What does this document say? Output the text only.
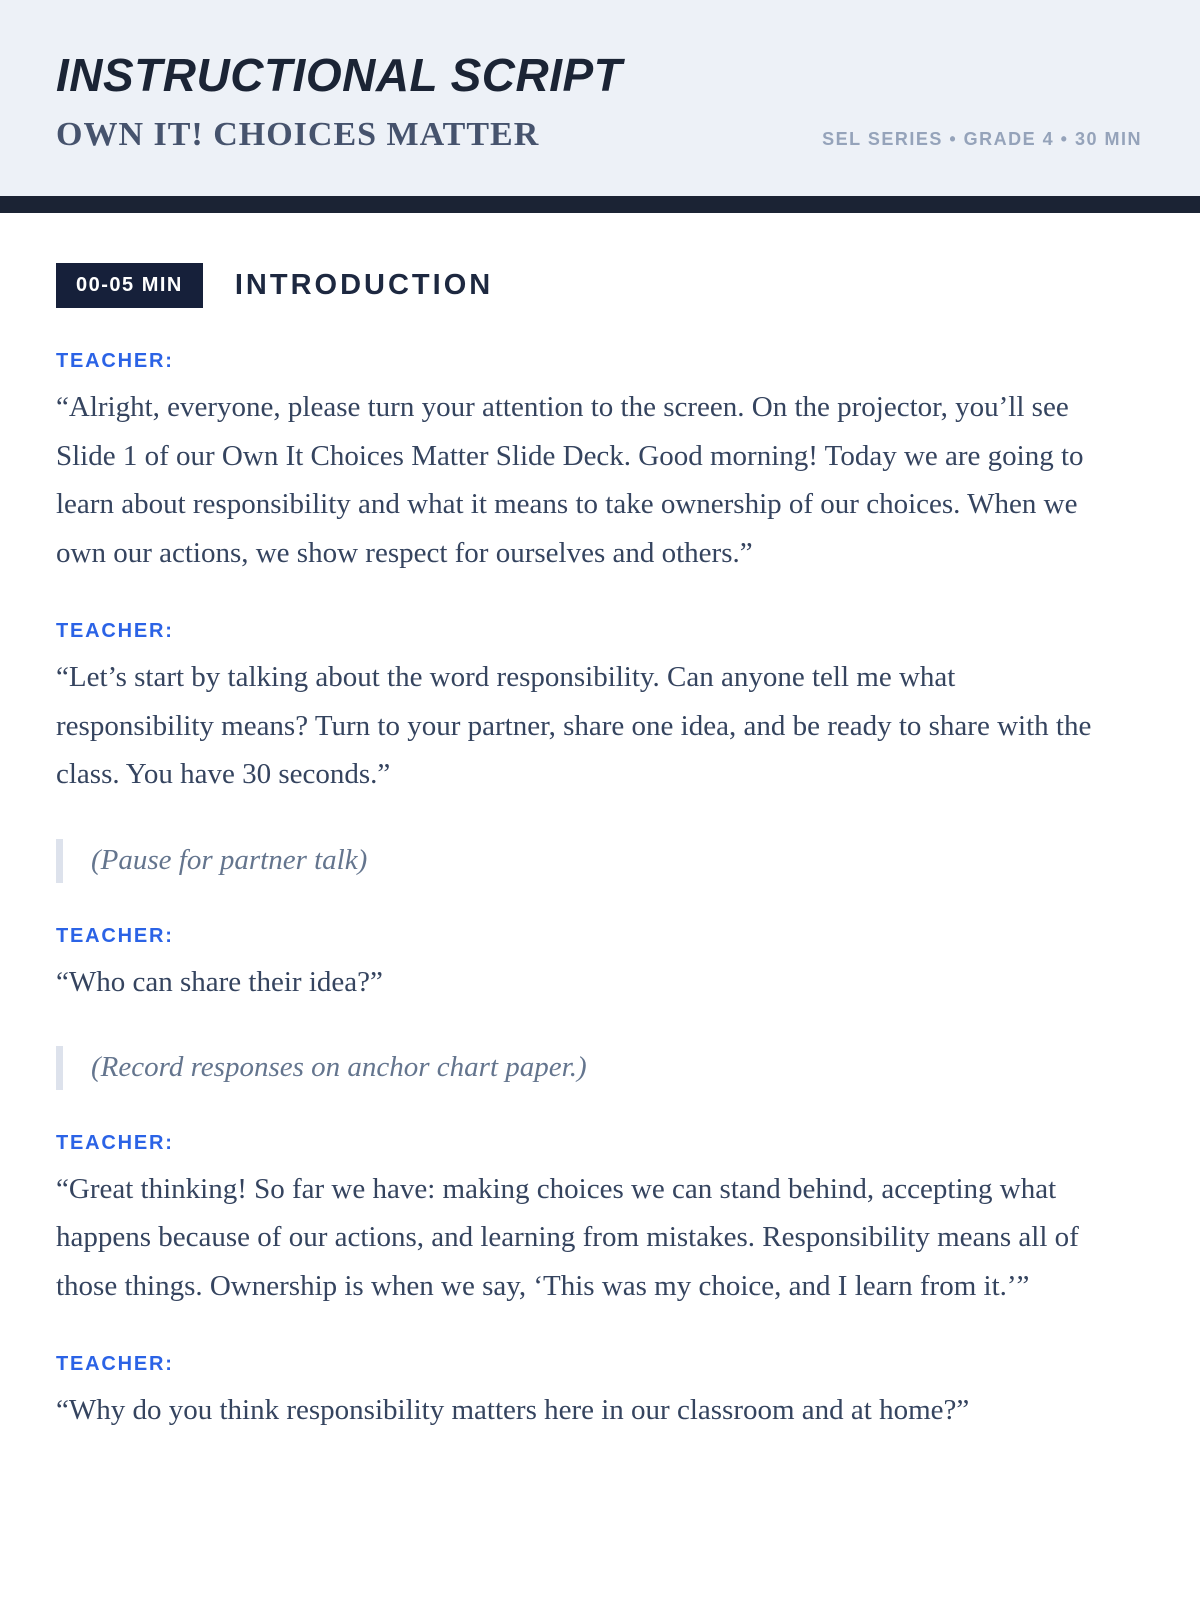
INSTRUCTIONAL SCRIPT
OWN IT! CHOICES MATTER	SEL SERIES • GRADE 4 • 30 MIN
00-05 MIN	INTRODUCTION
TEACHER:

“Alright, everyone, please turn your attention to the screen. On the projector, you’ll see Slide 1 of our Own It Choices Matter Slide Deck. Good morning! Today we are going to learn about responsibility and what it means to take ownership of our choices. When we own our actions, we show respect for ourselves and others.”

TEACHER:

“Let’s start by talking about the word responsibility. Can anyone tell me what responsibility means? Turn to your partner, share one idea, and be ready to share with the class. You have 30 seconds.”

(Pause for partner talk)
TEACHER:

“Who can share their idea?”

(Record responses on anchor chart paper.)
TEACHER:

“Great thinking! So far we have: making choices we can stand behind, accepting what happens because of our actions, and learning from mistakes. Responsibility means all of those things. Ownership is when we say, ‘This was my choice, and I learn from it.’”

TEACHER:

“Why do you think responsibility matters here in our classroom and at home?”
